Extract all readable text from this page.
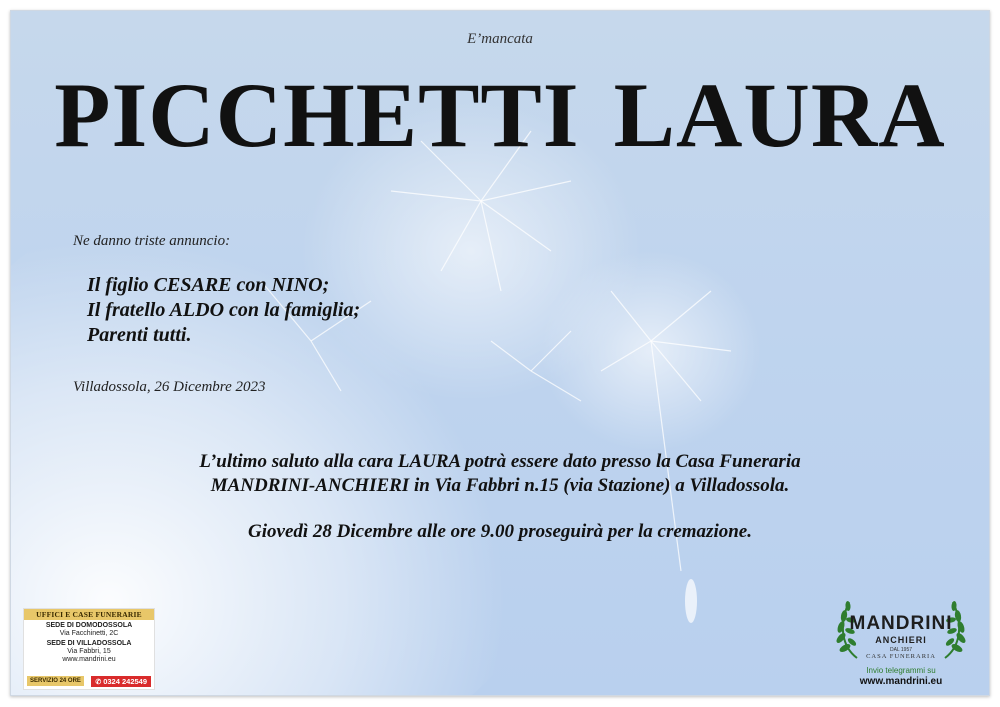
E’mancata
PICCHETTI LAURA
Ne danno triste annuncio:
Il figlio CESARE con NINO;
Il fratello ALDO con la famiglia;
Parenti tutti.
Villadossola, 26 Dicembre 2023
L’ultimo saluto alla cara LAURA potrà essere dato presso la Casa Funeraria
MANDRINI-ANCHIERI in Via Fabbri n.15 (via Stazione) a Villadossola.
Giovedì 28 Dicembre alle ore 9.00 proseguirà per la cremazione.
UFFICI E CASE FUNERARIE
SEDE DI DOMODOSSOLA
Via Facchinetti, 2C
SEDE DI VILLADOSSOLA
Via Fabbri, 15
www.mandrini.eu
SERVIZIO 24 ORE	✆ 0324 242549
MANDRINI
ANCHIERI
DAL 1957
CASA FUNERARIA
Invio telegrammi su
www.mandrini.eu
